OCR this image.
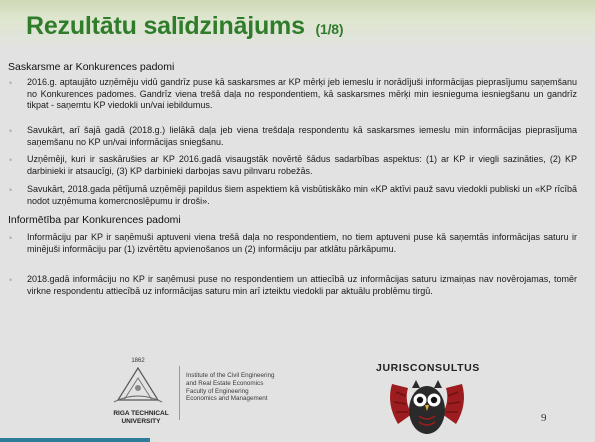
Rezultātu salīdzinājums (1/8)
Saskarsme ar Konkurences padomi
•	2016.g. aptaujāto uzņēmēju vidū gandrīz puse kā saskarsmes ar KP mērķi jeb iemeslu ir norādījuši informācijas pieprasījumu saņemšanu no Konkurences padomes. Gandrīz viena trešā daļa no respondentiem, kā saskarsmes mērķi min iesniegumа iesniegšanu un gandrīz tikpat - saņemtu KP viedokli un/vai iebildumus.
•	Savukārt, arī šajā gadā (2018.g.) lielākā daļa jeb viena trešdaļa respondentu kā saskarsmes iemeslu min informācijas pieprasījuma saņemšanu no KP un/vai informācijas sniegšanu.
•	Uzņēmēji, kuri ir saskārušies ar KP 2016.gadā visaugstāk novērtē šādus sadarbības aspektus: (1) ar KP ir viegli sazināties, (2) KP darbinieki ir atsaucīgi, (3) KP darbinieki darbojas savu pilnvaru robežās.
•	Savukārt, 2018.gada pētījumā uzņēmēji papildus šiem aspektiem kā visbūtiskāko min «KP aktīvi pauž savu viedokli publiski un «KP rīcībā nodot uzņēmuma komercnoslēpumu ir droši».
Informētība par Konkurences padomi
•	Informāciju par KP ir saņēmuši aptuveni viena trešā daļa no respondentiem, no tiem aptuveni puse kā saņemtās informācijas saturu ir minējuši informāciju par (1) izvērtētu apvienošanos un (2) informāciju par atklātu pārkāpumu.
•	2018.gadā informāciju no KP ir saņēmusi puse no respondentiem un attiecībā uz informācijas saturu izmaiņas nav novērojamas, tomēr virkne respondentu attiecībā uz informācijas saturu min arī izteiktu viedokli par aktuālu problēmu tirgū.
1862
RIGA TECHNICAL
UNIVERSITY
Institute of the Civil Engineering
and Real Estate Economics
Faculty of Engineering
Economics and Management
JURISCONSULTUS
9
